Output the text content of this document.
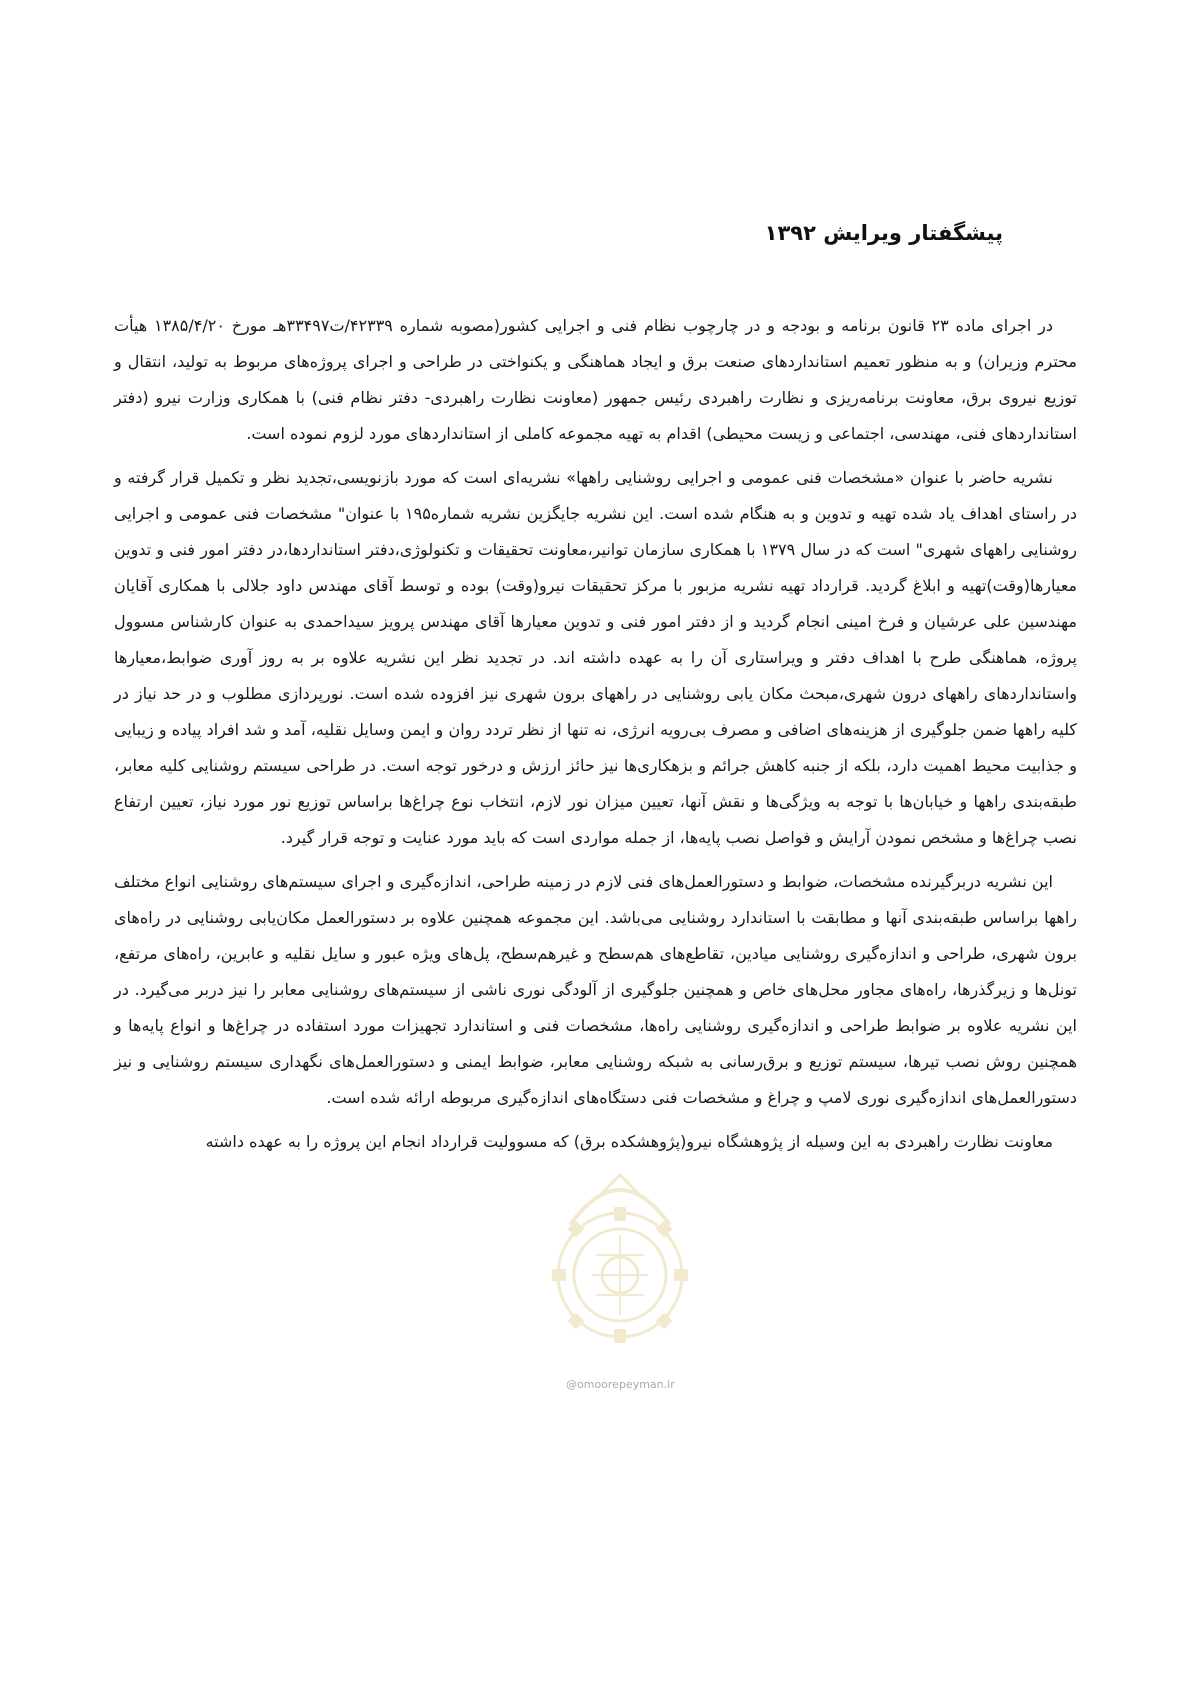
پیشگفتار ویرایش ۱۳۹۲

در اجرای ماده ۲۳ قانون برنامه و بودجه و در چارچوب نظام فنی و اجرایی کشور(مصوبه شماره ۴۲۳۳۹/ت۳۳۴۹۷هـ مورخ ۱۳۸۵/۴/۲۰ هیأت محترم وزیران) و به منظور تعمیم استانداردهای صنعت برق و ایجاد هماهنگی و یکنواختی در طراحی و اجرای پروژه‌های مربوط به تولید، انتقال و توزیع نیروی برق، معاونت برنامه‌ریزی و نظارت راهبردی رئیس جمهور (معاونت نظارت راهبردی- دفتر نظام فنی) با همکاری وزارت نیرو (دفتر استانداردهای فنی، مهندسی، اجتماعی و زیست محیطی) اقدام به تهیه مجموعه کاملی از استانداردهای مورد لزوم نموده است.

نشریه حاضر با عنوان «مشخصات فنی عمومی و اجرایی روشنایی راهها» نشریه‌ای است که مورد بازنویسی،تجدید نظر و تکمیل قرار گرفته و در راستای اهداف یاد شده تهیه و تدوین و به هنگام شده است. این نشریه جایگزین نشریه شماره۱۹۵ با عنوان" مشخصات فنی عمومی و اجرایی روشنایی راههای شهری" است که در سال ۱۳۷۹ با همکاری سازمان توانیر،معاونت تحقیقات و تکنولوژی،دفتر استانداردها،در دفتر امور فنی و تدوین معیارها(وقت)تهیه و ابلاغ گردید. قرارداد تهیه نشریه مزبور با مرکز تحقیقات نیرو(وقت) بوده و توسط آقای مهندس داود جلالی با همکاری آقایان مهندسین علی عرشیان و فرخ امینی انجام گردید و از دفتر امور فنی و تدوین معیارها آقای مهندس پرویز سیداحمدی به عنوان کارشناس مسوول پروژه، هماهنگی طرح با اهداف دفتر و ویراستاری آن را به عهده داشته اند. در تجدید نظر این نشریه علاوه بر به روز آوری ضوابط،معیارها واستانداردهای راههای درون شهری،مبحث مکان یابی روشنایی در راههای برون شهری نیز افزوده شده است. نورپردازی مطلوب و در حد نیاز در کلیه راهها ضمن جلوگیری از هزینه‌های اضافی و مصرف بی‌رویه انرژی، نه تنها از نظر تردد روان و ایمن وسایل نقلیه، آمد و شد افراد پیاده و زیبایی و جذابیت محیط اهمیت دارد، بلکه از جنبه کاهش جرائم و بزهکاری‌ها نیز حائز ارزش و درخور توجه است. در طراحی سیستم روشنایی کلیه معابر، طبقه‌بندی راهها و خیابان‌ها با توجه به ویژگی‌ها و نقش آنها، تعیین میزان نور لازم، انتخاب نوع چراغ‌ها براساس توزیع نور مورد نیاز، تعیین ارتفاع نصب چراغ‌ها و مشخص نمودن آرایش و فواصل نصب پایه‌ها، از جمله مواردی است که باید مورد عنایت و توجه قرار گیرد.

این نشریه دربرگیرنده مشخصات، ضوابط و دستورالعمل‌های فنی لازم در زمینه طراحی، اندازه‌گیری و اجرای سیستم‌های روشنایی انواع مختلف راهها براساس طبقه‌بندی آنها و مطابقت با استاندارد روشنایی می‌باشد. این مجموعه همچنین علاوه بر دستورالعمل مکان‌یابی روشنایی در راه‌های برون شهری، طراحی و اندازه‌گیری روشنایی میادین، تقاطع‌های هم‌سطح و غیرهم‌سطح، پل‌های ویژه عبور و سایل نقلیه و عابرین، راه‌های مرتفع، تونل‌ها و زیرگذرها، راه‌های مجاور محل‌های خاص و همچنین جلوگیری از آلودگی نوری ناشی از سیستم‌های روشنایی معابر را نیز دربر می‌گیرد. در این نشریه علاوه بر ضوابط طراحی و اندازه‌گیری روشنایی راه‌ها، مشخصات فنی و استاندارد تجهیزات مورد استفاده در چراغ‌ها و انواع پایه‌ها و همچنین روش نصب تیرها، سیستم توزیع و برق‌رسانی به شبکه روشنایی معابر، ضوابط ایمنی و دستورالعمل‌های نگهداری سیستم روشنایی و نیز دستورالعمل‌های اندازه‌گیری نوری لامپ و چراغ و مشخصات فنی دستگاه‌های اندازه‌گیری مربوطه ارائه شده است.

معاونت نظارت راهبردی به این وسیله از پژوهشگاه نیرو(پژوهشکده برق) که مسوولیت قرارداد انجام این پروژه را به عهده داشته

@omoorepeyman.ir
